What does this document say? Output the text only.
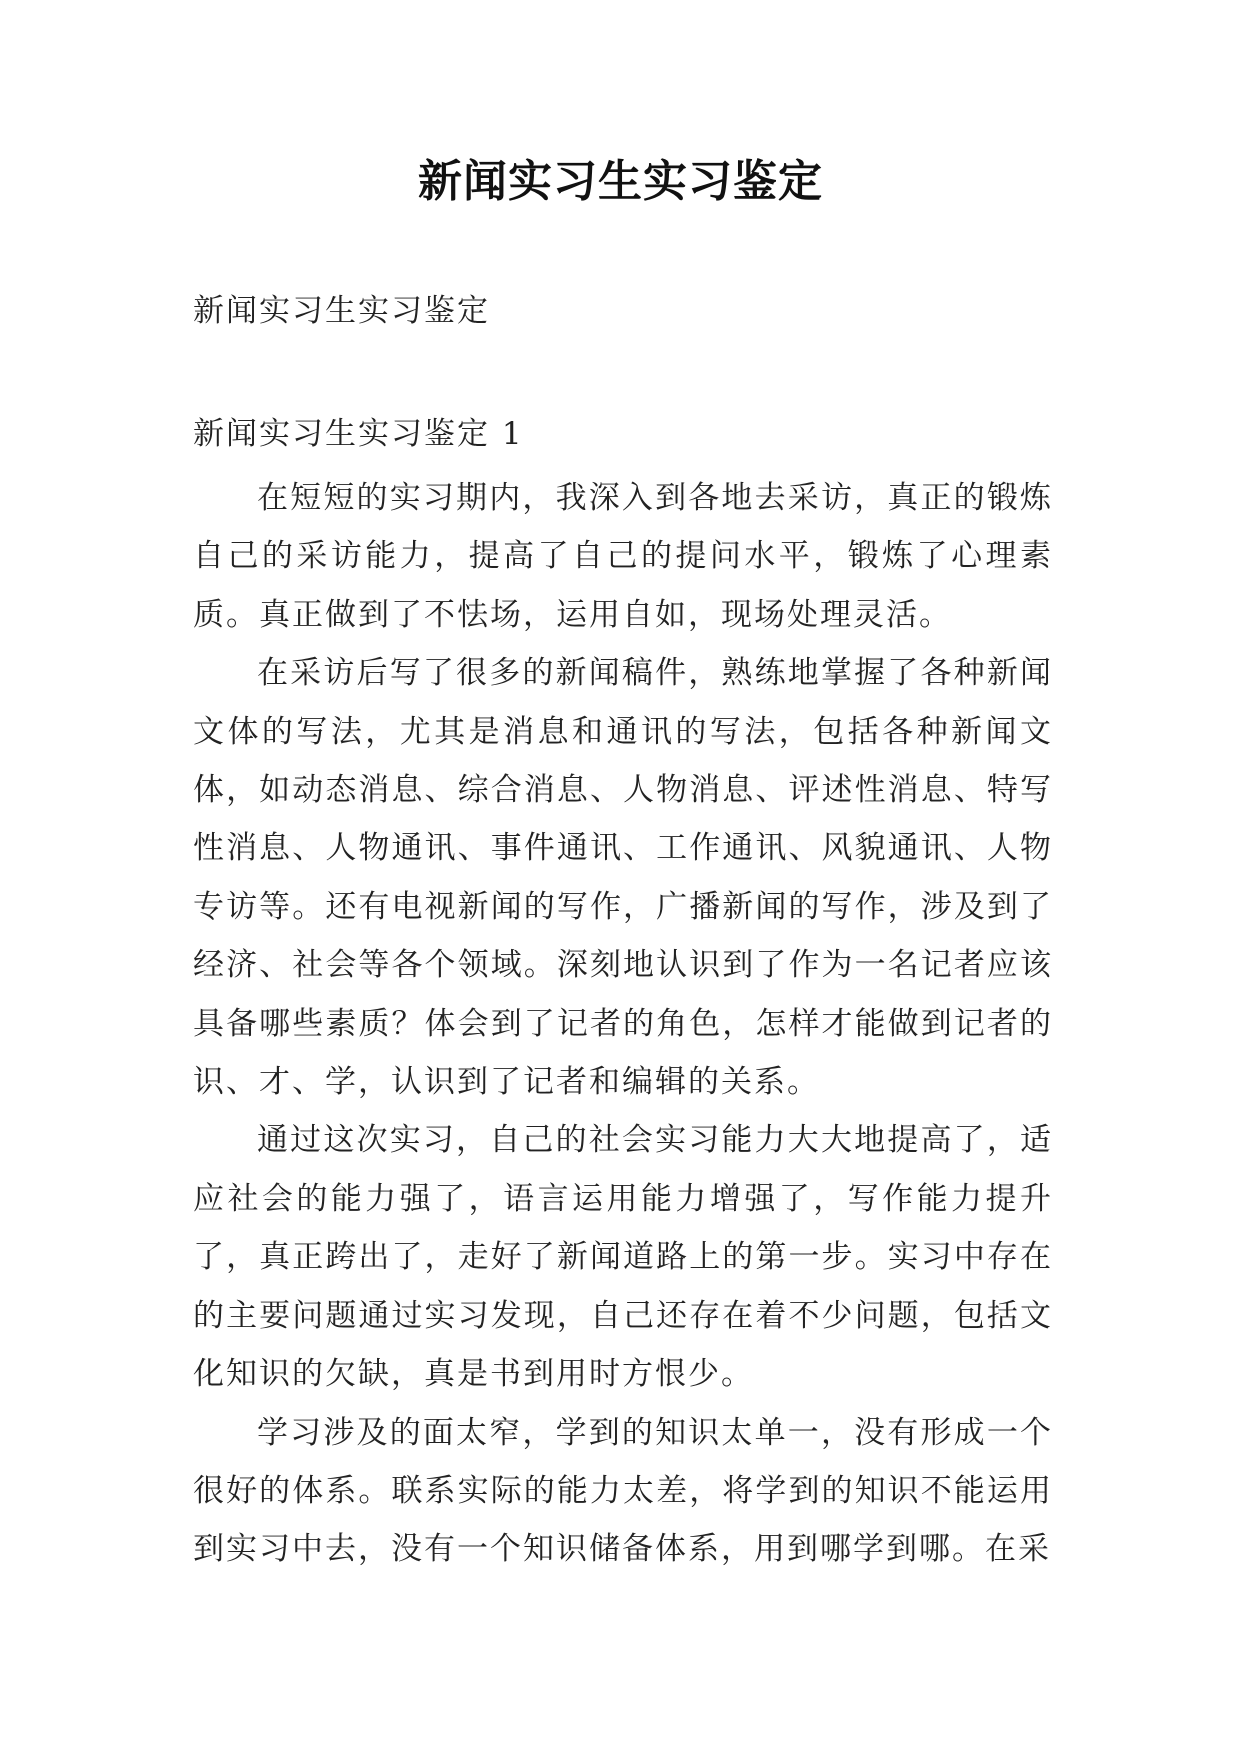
新闻实习生实习鉴定
新闻实习生实习鉴定
新闻实习生实习鉴定 1

在短短的实习期内，我深入到各地去采访，真正的锻炼自己的采访能力，提高了自己的提问水平，锻炼了心理素质。真正做到了不怯场，运用自如，现场处理灵活。

在采访后写了很多的新闻稿件，熟练地掌握了各种新闻文体的写法，尤其是消息和通讯的写法，包括各种新闻文体，如动态消息、综合消息、人物消息、评述性消息、特写性消息、人物通讯、事件通讯、工作通讯、风貌通讯、人物专访等。还有电视新闻的写作，广播新闻的写作，涉及到了经济、社会等各个领域。深刻地认识到了作为一名记者应该具备哪些素质？体会到了记者的角色，怎样才能做到记者的识、才、学，认识到了记者和编辑的关系。

通过这次实习，自己的社会实习能力大大地提高了，适应社会的能力强了，语言运用能力增强了，写作能力提升了，真正跨出了，走好了新闻道路上的第一步。实习中存在的主要问题通过实习发现，自己还存在着不少问题，包括文化知识的欠缺，真是书到用时方恨少。

学习涉及的面太窄，学到的知识太单一，没有形成一个很好的体系。联系实际的能力太差，将学到的知识不能运用到实习中去，没有一个知识储备体系，用到哪学到哪。在采
